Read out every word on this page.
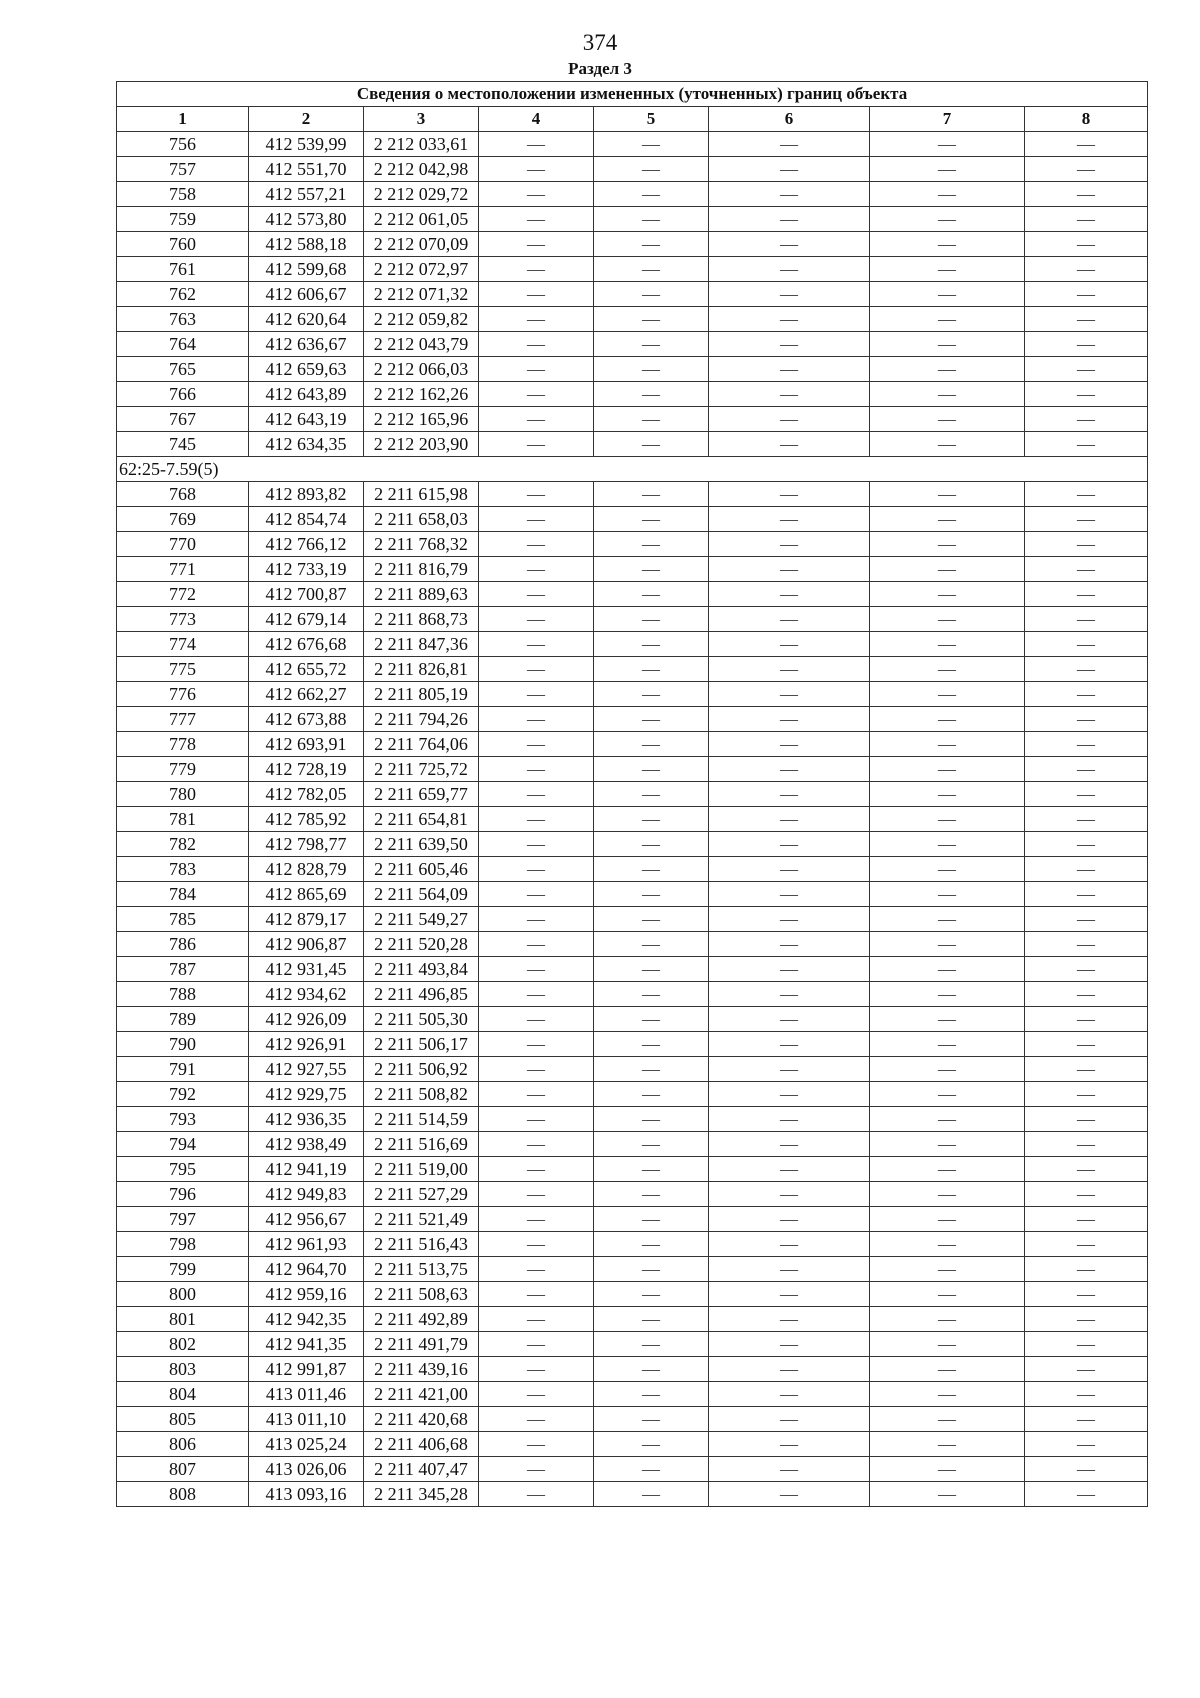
374
Раздел 3
Сведения о местоположении измененных (уточненных) границ объекта							
1	2	3	4	5	6	7	8
756	412 539,99	2 212 033,61	—	—	—	—	—
757	412 551,70	2 212 042,98	—	—	—	—	—
758	412 557,21	2 212 029,72	—	—	—	—	—
759	412 573,80	2 212 061,05	—	—	—	—	—
760	412 588,18	2 212 070,09	—	—	—	—	—
761	412 599,68	2 212 072,97	—	—	—	—	—
762	412 606,67	2 212 071,32	—	—	—	—	—
763	412 620,64	2 212 059,82	—	—	—	—	—
764	412 636,67	2 212 043,79	—	—	—	—	—
765	412 659,63	2 212 066,03	—	—	—	—	—
766	412 643,89	2 212 162,26	—	—	—	—	—
767	412 643,19	2 212 165,96	—	—	—	—	—
745	412 634,35	2 212 203,90	—	—	—	—	—
62:25-7.59(5)							
768	412 893,82	2 211 615,98	—	—	—	—	—
769	412 854,74	2 211 658,03	—	—	—	—	—
770	412 766,12	2 211 768,32	—	—	—	—	—
771	412 733,19	2 211 816,79	—	—	—	—	—
772	412 700,87	2 211 889,63	—	—	—	—	—
773	412 679,14	2 211 868,73	—	—	—	—	—
774	412 676,68	2 211 847,36	—	—	—	—	—
775	412 655,72	2 211 826,81	—	—	—	—	—
776	412 662,27	2 211 805,19	—	—	—	—	—
777	412 673,88	2 211 794,26	—	—	—	—	—
778	412 693,91	2 211 764,06	—	—	—	—	—
779	412 728,19	2 211 725,72	—	—	—	—	—
780	412 782,05	2 211 659,77	—	—	—	—	—
781	412 785,92	2 211 654,81	—	—	—	—	—
782	412 798,77	2 211 639,50	—	—	—	—	—
783	412 828,79	2 211 605,46	—	—	—	—	—
784	412 865,69	2 211 564,09	—	—	—	—	—
785	412 879,17	2 211 549,27	—	—	—	—	—
786	412 906,87	2 211 520,28	—	—	—	—	—
787	412 931,45	2 211 493,84	—	—	—	—	—
788	412 934,62	2 211 496,85	—	—	—	—	—
789	412 926,09	2 211 505,30	—	—	—	—	—
790	412 926,91	2 211 506,17	—	—	—	—	—
791	412 927,55	2 211 506,92	—	—	—	—	—
792	412 929,75	2 211 508,82	—	—	—	—	—
793	412 936,35	2 211 514,59	—	—	—	—	—
794	412 938,49	2 211 516,69	—	—	—	—	—
795	412 941,19	2 211 519,00	—	—	—	—	—
796	412 949,83	2 211 527,29	—	—	—	—	—
797	412 956,67	2 211 521,49	—	—	—	—	—
798	412 961,93	2 211 516,43	—	—	—	—	—
799	412 964,70	2 211 513,75	—	—	—	—	—
800	412 959,16	2 211 508,63	—	—	—	—	—
801	412 942,35	2 211 492,89	—	—	—	—	—
802	412 941,35	2 211 491,79	—	—	—	—	—
803	412 991,87	2 211 439,16	—	—	—	—	—
804	413 011,46	2 211 421,00	—	—	—	—	—
805	413 011,10	2 211 420,68	—	—	—	—	—
806	413 025,24	2 211 406,68	—	—	—	—	—
807	413 026,06	2 211 407,47	—	—	—	—	—
808	413 093,16	2 211 345,28	—	—	—	—	—
